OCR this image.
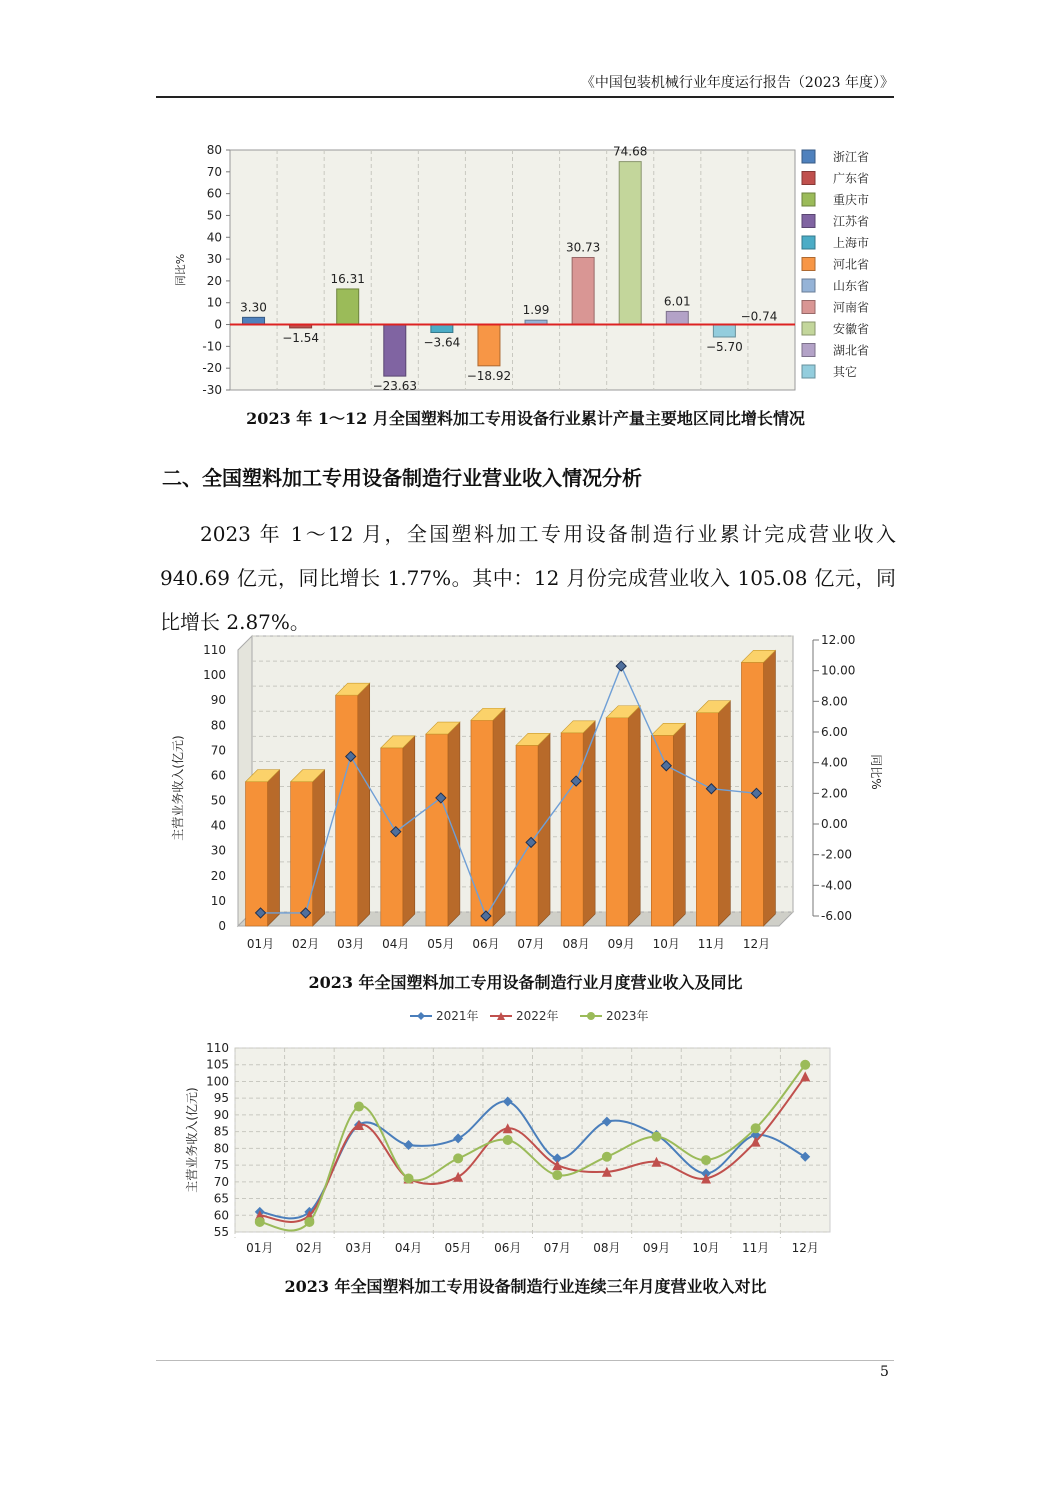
《中国包装机械行业年度运行报告（2023 年度）》
80
70
60
50
40
30
20
10
0
-10
-20
-30
同比%
3.30
−1.54
16.31
−23.63
−3.64
−18.92
1.99
30.73
74.68
6.01
−5.70
−0.74
浙江省
广东省
重庆市
江苏省
上海市
河北省
山东省
河南省
安徽省
湖北省
其它
2023 年 1～12 月全国塑料加工专用设备行业累计产量主要地区同比增长情况
二、全国塑料加工专用设备制造行业营业收入情况分析

2023 年 1～12 月，全国塑料加工专用设备制造行业累计完成营业收入 940.69 亿元，同比增长 1.77%。其中：12 月份完成营业收入 105.08 亿元，同比增长 2.87%。

110
100
90
80
70
60
50
40
30
20
10
0
12.00
10.00
8.00
6.00
4.00
2.00
0.00
-2.00
-4.00
-6.00
主营业务收入(亿元)	同比%
01月 02月 03月 04月 05月 06月 07月 08月 09月 10月 11月 12月
2023 年全国塑料加工专用设备制造行业月度营业收入及同比
2021年	2022年	2023年
110
105
100
95
90
85
80
75
70
65
60
55
01月 02月 03月 04月 05月 06月 07月 08月 09月 10月 11月 12月
主营业务收入(亿元)
2023 年全国塑料加工专用设备制造行业连续三年月度营业收入对比
5
